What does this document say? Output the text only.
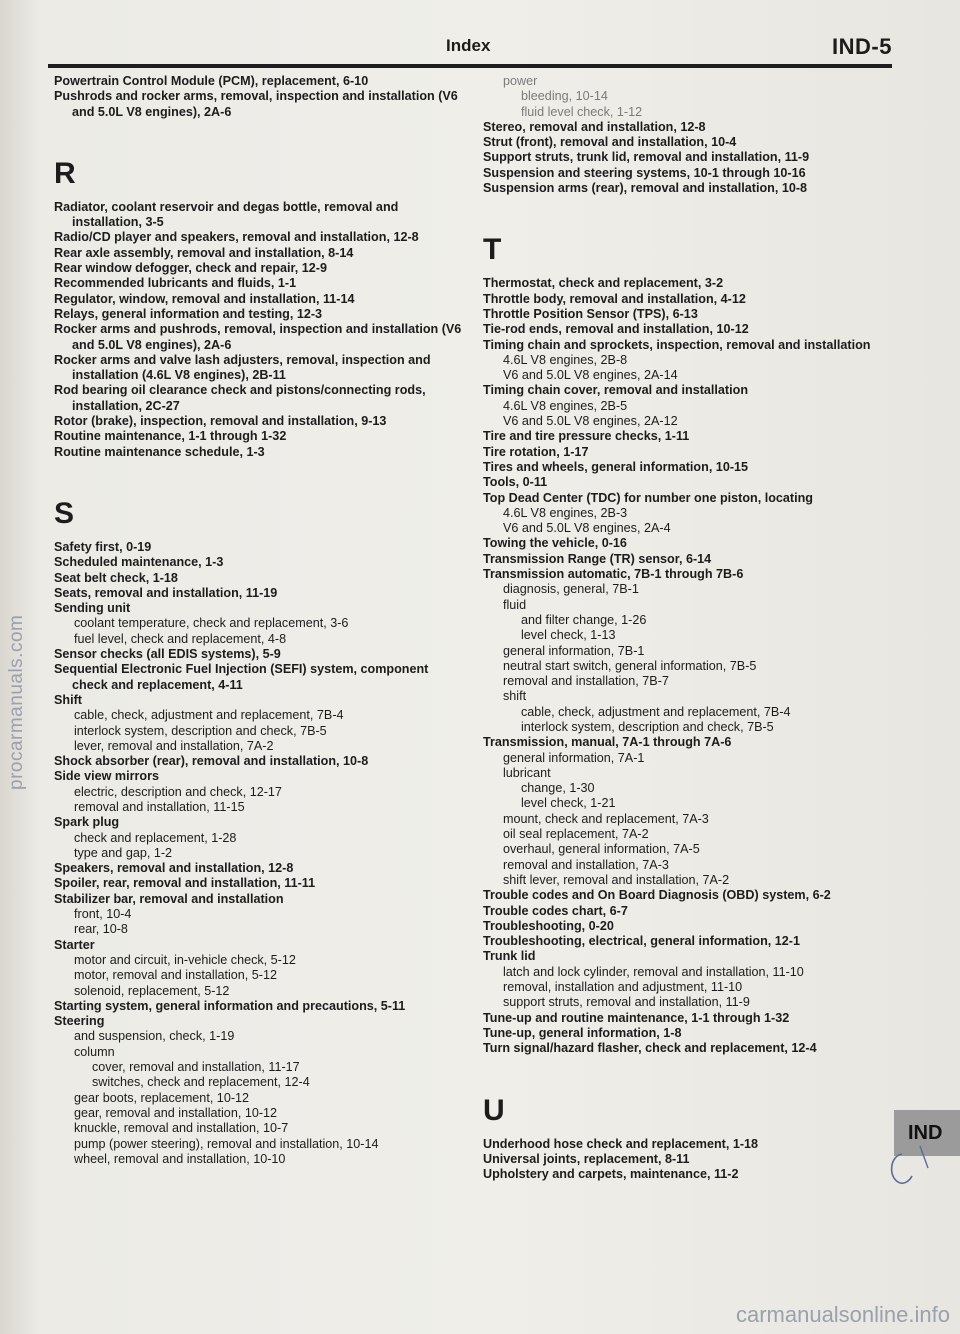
Index	IND-5
Powertrain Control Module (PCM), replacement, 6-10
Pushrods and rocker arms, removal, inspection and installation (V6 and 5.0L V8 engines), 2A-6
R
Radiator, coolant reservoir and degas bottle, removal and installation, 3-5
Radio/CD player and speakers, removal and installation, 12-8
Rear axle assembly, removal and installation, 8-14
Rear window defogger, check and repair, 12-9
Recommended lubricants and fluids, 1-1
Regulator, window, removal and installation, 11-14
Relays, general information and testing, 12-3
Rocker arms and pushrods, removal, inspection and installation (V6 and 5.0L V8 engines), 2A-6
Rocker arms and valve lash adjusters, removal, inspection and installation (4.6L V8 engines), 2B-11
Rod bearing oil clearance check and pistons/connecting rods, installation, 2C-27
Rotor (brake), inspection, removal and installation, 9-13
Routine maintenance, 1-1 through 1-32
Routine maintenance schedule, 1-3
S
Safety first, 0-19
Scheduled maintenance, 1-3
Seat belt check, 1-18
Seats, removal and installation, 11-19
Sending unit
coolant temperature, check and replacement, 3-6
fuel level, check and replacement, 4-8
Sensor checks (all EDIS systems), 5-9
Sequential Electronic Fuel Injection (SEFI) system, component check and replacement, 4-11
Shift
cable, check, adjustment and replacement, 7B-4
interlock system, description and check, 7B-5
lever, removal and installation, 7A-2
Shock absorber (rear), removal and installation, 10-8
Side view mirrors
electric, description and check, 12-17
removal and installation, 11-15
Spark plug
check and replacement, 1-28
type and gap, 1-2
Speakers, removal and installation, 12-8
Spoiler, rear, removal and installation, 11-11
Stabilizer bar, removal and installation
front, 10-4
rear, 10-8
Starter
motor and circuit, in-vehicle check, 5-12
motor, removal and installation, 5-12
solenoid, replacement, 5-12
Starting system, general information and precautions, 5-11
Steering
and suspension, check, 1-19
column
cover, removal and installation, 11-17
switches, check and replacement, 12-4
gear boots, replacement, 10-12
gear, removal and installation, 10-12
knuckle, removal and installation, 10-7
pump (power steering), removal and installation, 10-14
wheel, removal and installation, 10-10
power
bleeding, 10-14
fluid level check, 1-12
Stereo, removal and installation, 12-8
Strut (front), removal and installation, 10-4
Support struts, trunk lid, removal and installation, 11-9
Suspension and steering systems, 10-1 through 10-16
Suspension arms (rear), removal and installation, 10-8
T
Thermostat, check and replacement, 3-2
Throttle body, removal and installation, 4-12
Throttle Position Sensor (TPS), 6-13
Tie-rod ends, removal and installation, 10-12
Timing chain and sprockets, inspection, removal and installation
4.6L V8 engines, 2B-8
V6 and 5.0L V8 engines, 2A-14
Timing chain cover, removal and installation
4.6L V8 engines, 2B-5
V6 and 5.0L V8 engines, 2A-12
Tire and tire pressure checks, 1-11
Tire rotation, 1-17
Tires and wheels, general information, 10-15
Tools, 0-11
Top Dead Center (TDC) for number one piston, locating
4.6L V8 engines, 2B-3
V6 and 5.0L V8 engines, 2A-4
Towing the vehicle, 0-16
Transmission Range (TR) sensor, 6-14
Transmission automatic, 7B-1 through 7B-6
diagnosis, general, 7B-1
fluid
and filter change, 1-26
level check, 1-13
general information, 7B-1
neutral start switch, general information, 7B-5
removal and installation, 7B-7
shift
cable, check, adjustment and replacement, 7B-4
interlock system, description and check, 7B-5
Transmission, manual, 7A-1 through 7A-6
general information, 7A-1
lubricant
change, 1-30
level check, 1-21
mount, check and replacement, 7A-3
oil seal replacement, 7A-2
overhaul, general information, 7A-5
removal and installation, 7A-3
shift lever, removal and installation, 7A-2
Trouble codes and On Board Diagnosis (OBD) system, 6-2
Trouble codes chart, 6-7
Troubleshooting, 0-20
Troubleshooting, electrical, general information, 12-1
Trunk lid
latch and lock cylinder, removal and installation, 11-10
removal, installation and adjustment, 11-10
support struts, removal and installation, 11-9
Tune-up and routine maintenance, 1-1 through 1-32
Tune-up, general information, 1-8
Turn signal/hazard flasher, check and replacement, 12-4
U
Underhood hose check and replacement, 1-18
Universal joints, replacement, 8-11
Upholstery and carpets, maintenance, 11-2
procarmanuals.com
carmanualsonline.info
IND
